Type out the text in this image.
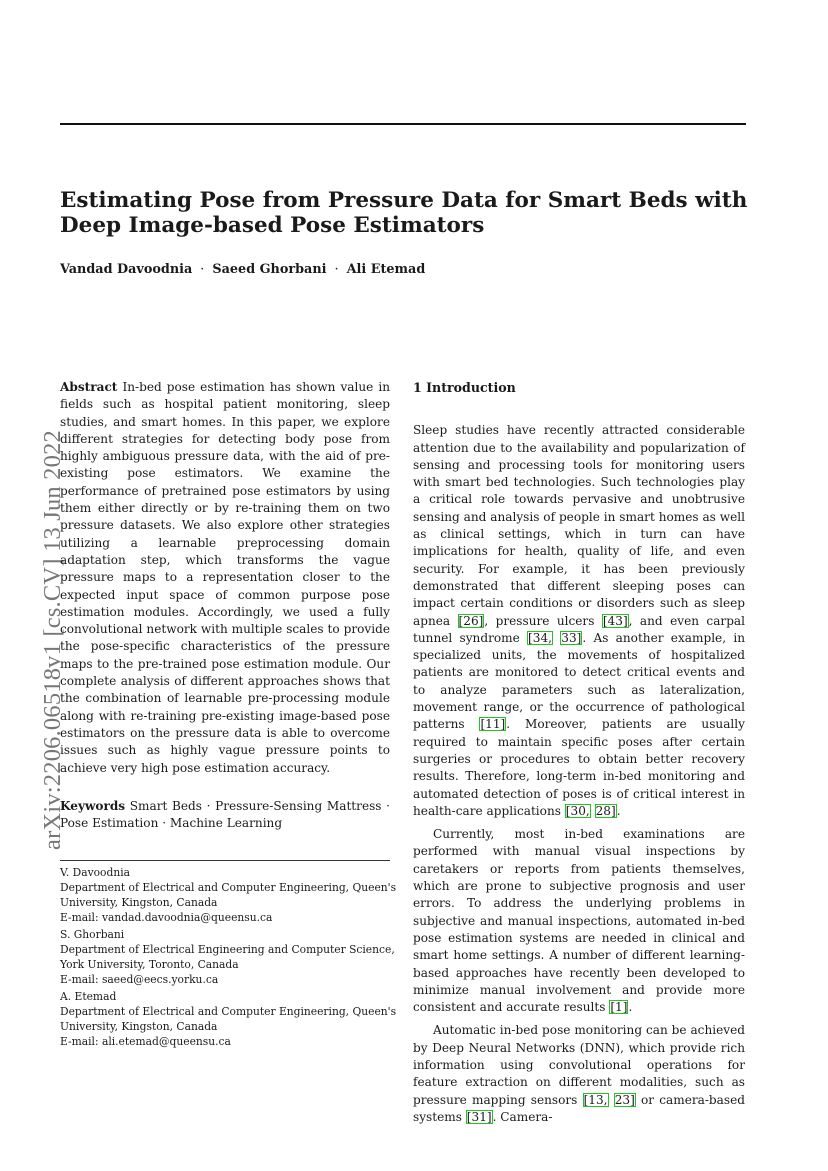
Estimating Pose from Pressure Data for Smart Beds with
Deep Image-based Pose Estimators
Vandad Davoodnia · Saeed Ghorbani · Ali Etemad
arXiv:2206.06518v1 [cs.CV] 13 Jun 2022

Abstract In-bed pose estimation has shown value in fields such as hospital patient monitoring, sleep studies, and smart homes. In this paper, we explore different strategies for detecting body pose from highly ambiguous pressure data, with the aid of pre-existing pose estimators. We examine the performance of pretrained pose estimators by using them either directly or by re-training them on two pressure datasets. We also explore other strategies utilizing a learnable preprocessing domain adaptation step, which transforms the vague pressure maps to a representation closer to the expected input space of common purpose pose estimation modules. Accordingly, we used a fully convolutional network with multiple scales to provide the pose-specific characteristics of the pressure maps to the pre-trained pose estimation module. Our complete analysis of different approaches shows that the combination of learnable pre-processing module along with re-training pre-existing image-based pose estimators on the pressure data is able to overcome issues such as highly vague pressure points to achieve very high pose estimation accuracy.

Keywords Smart Beds · Pressure-Sensing Mattress · Pose Estimation · Machine Learning

V. Davoodnia
Department of Electrical and Computer Engineering, Queen's
University, Kingston, Canada
E-mail: vandad.davoodnia@queensu.ca
S. Ghorbani
Department of Electrical Engineering and Computer Science,
York University, Toronto, Canada
E-mail: saeed@eecs.yorku.ca
A. Etemad
Department of Electrical and Computer Engineering, Queen's
University, Kingston, Canada
E-mail: ali.etemad@queensu.ca

1 Introduction

Sleep studies have recently attracted considerable attention due to the availability and popularization of sensing and processing tools for monitoring users with smart bed technologies. Such technologies play a critical role towards pervasive and unobtrusive sensing and analysis of people in smart homes as well as clinical settings, which in turn can have implications for health, quality of life, and even security. For example, it has been previously demonstrated that different sleeping poses can impact certain conditions or disorders such as sleep apnea [26], pressure ulcers [43], and even carpal tunnel syndrome [34, 33]. As another example, in specialized units, the movements of hospitalized patients are monitored to detect critical events and to analyze parameters such as lateralization, movement range, or the occurrence of pathological patterns [11]. Moreover, patients are usually required to maintain specific poses after certain surgeries or procedures to obtain better recovery results. Therefore, long-term in-bed monitoring and automated detection of poses is of critical interest in health-care applications [30, 28].

Currently, most in-bed examinations are performed with manual visual inspections by caretakers or reports from patients themselves, which are prone to subjective prognosis and user errors. To address the underlying problems in subjective and manual inspections, automated in-bed pose estimation systems are needed in clinical and smart home settings. A number of different learning-based approaches have recently been developed to minimize manual involvement and provide more consistent and accurate results [1].

Automatic in-bed pose monitoring can be achieved by Deep Neural Networks (DNN), which provide rich information using convolutional operations for feature extraction on different modalities, such as pressure mapping sensors [13, 23] or camera-based systems [31]. Camera-
